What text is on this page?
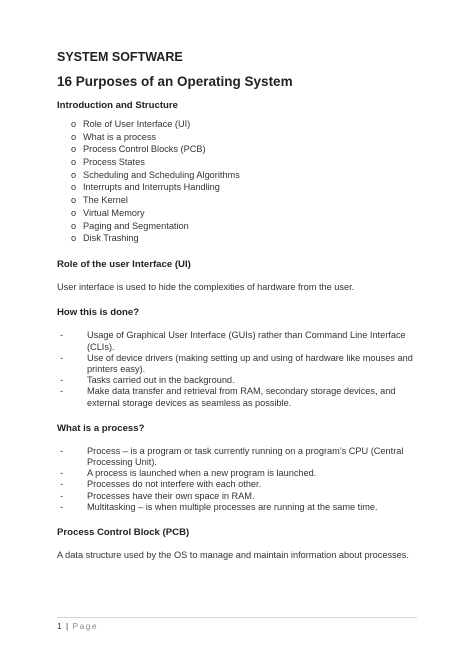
SYSTEM SOFTWARE
16 Purposes of an Operating System
Introduction and Structure
o Role of User Interface (UI)
o What is a process
o Process Control Blocks (PCB)
o Process States
o Scheduling and Scheduling Algorithms
o Interrupts and Interrupts Handling
o The Kernel
o Virtual Memory
o Paging and Segmentation
o Disk Trashing
Role of the user Interface (UI)

User interface is used to hide the complexities of hardware from the user.

How this is done?
-	Usage of Graphical User Interface (GUIs) rather than Command Line Interface (CLIs).
-	Use of device drivers (making setting up and using of hardware like mouses and printers easy).
-	Tasks carried out in the background.
-	Make data transfer and retrieval from RAM, secondary storage devices, and external storage devices as seamless as possible.
What is a process?
-	Process – is a program or task currently running on a program’s CPU (Central Processing Unit).
-	A process is launched when a new program is launched.
-	Processes do not interfere with each other.
-	Processes have their own space in RAM.
-	Multitasking – is when multiple processes are running at the same time.
Process Control Block (PCB)

A data structure used by the OS to manage and maintain information about processes.

1 | Page
